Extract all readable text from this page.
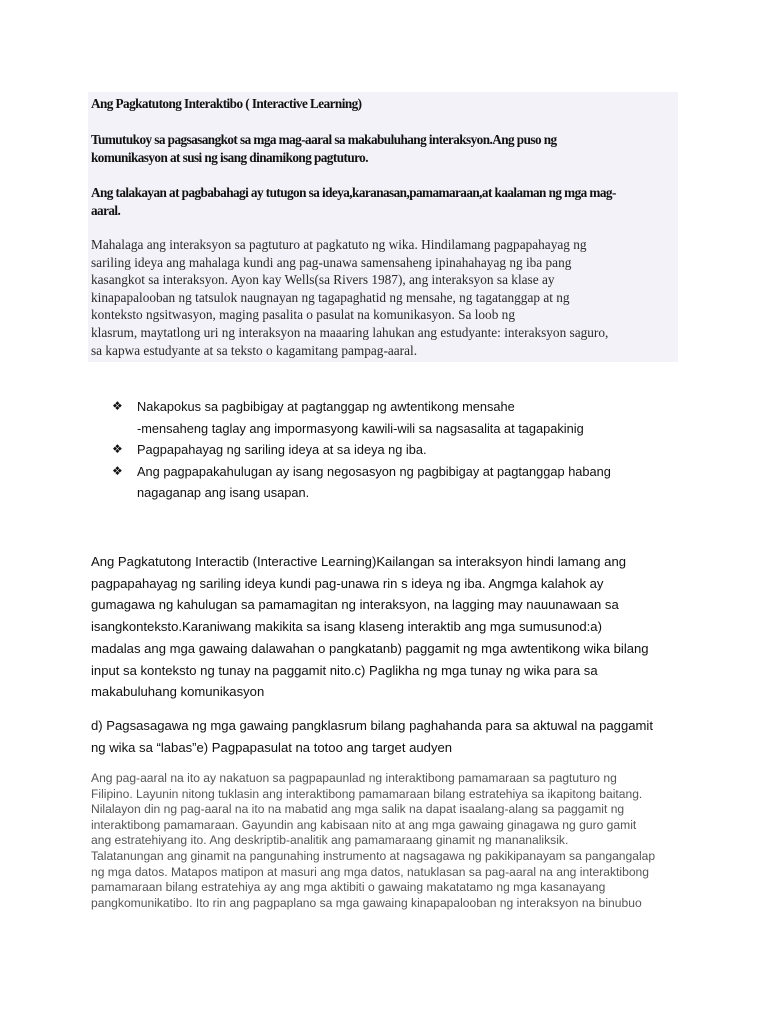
Ang Pagkatutong Interaktibo ( Interactive Learning)
Tumutukoy sa pagsasangkot sa mga mag-aaral sa makabuluhang interaksyon.Ang puso ng
komunikasyon at susi ng isang dinamikong pagtuturo.
Ang talakayan at pagbabahagi ay tutugon sa ideya,karanasan,pamamaraan,at kaalaman ng mga mag-
aaral.
Mahalaga ang interaksyon sa pagtuturo at pagkatuto ng wika. Hindilamang pagpapahayag ng
sariling ideya ang mahalaga kundi ang pag-unawa samensaheng ipinahahayag ng iba pang
kasangkot sa interaksyon. Ayon kay Wells(sa Rivers 1987), ang interaksyon sa klase ay
kinapapalooban ng tatsulok naugnayan ng tagapaghatid ng mensahe, ng tagatanggap at ng
konteksto ngsitwasyon, maging pasalita o pasulat na komunikasyon. Sa loob ng
klasrum, maytatlong uri ng interaksyon na maaaring lahukan ang estudyante: interaksyon saguro,
sa kapwa estudyante at sa teksto o kagamitang pampag-aaral.
❖ Nakapokus sa pagbibigay at pagtanggap ng awtentikong mensahe
-mensaheng taglay ang impormasyong kawili-wili sa nagsasalita at tagapakinig
❖ Pagpapahayag ng sariling ideya at sa ideya ng iba.
❖ Ang pagpapakahulugan ay isang negosasyon ng pagbibigay at pagtanggap habang
nagaganap ang isang usapan.
Ang Pagkatutong Interactib (Interactive Learning)Kailangan sa interaksyon hindi lamang ang
pagpapahayag ng sariling ideya kundi pag-unawa rin s ideya ng iba. Angmga kalahok ay
gumagawa ng kahulugan sa pamamagitan ng interaksyon, na lagging may nauunawaan sa
isangkonteksto.Karaniwang makikita sa isang klaseng interaktib ang mga sumusunod:a)
madalas ang mga gawaing dalawahan o pangkatanb) paggamit ng mga awtentikong wika bilang
input sa konteksto ng tunay na paggamit nito.c) Paglikha ng mga tunay ng wika para sa
makabuluhang komunikasyon
d) Pagsasagawa ng mga gawaing pangklasrum bilang paghahanda para sa aktuwal na paggamit
ng wika sa “labas”e) Pagpapasulat na totoo ang target audyen
Ang pag-aaral na ito ay nakatuon sa pagpapaunlad ng interaktibong pamamaraan sa pagtuturo ng
Filipino. Layunin nitong tuklasin ang interaktibong pamamaraan bilang estratehiya sa ikapitong baitang.
Nilalayon din ng pag-aaral na ito na mabatid ang mga salik na dapat isaalang-alang sa paggamit ng
interaktibong pamamaraan. Gayundin ang kabisaan nito at ang mga gawaing ginagawa ng guro gamit
ang estratehiyang ito. Ang deskriptib-analitik ang pamamaraang ginamit ng mananaliksik.
Talatanungan ang ginamit na pangunahing instrumento at nagsagawa ng pakikipanayam sa pangangalap
ng mga datos. Matapos matipon at masuri ang mga datos, natuklasan sa pag-aaral na ang interaktibong
pamamaraan bilang estratehiya ay ang mga aktibiti o gawaing makatatamo ng mga kasanayang
pangkomunikatibo. Ito rin ang pagpaplano sa mga gawaing kinapapalooban ng interaksyon na binubuo
